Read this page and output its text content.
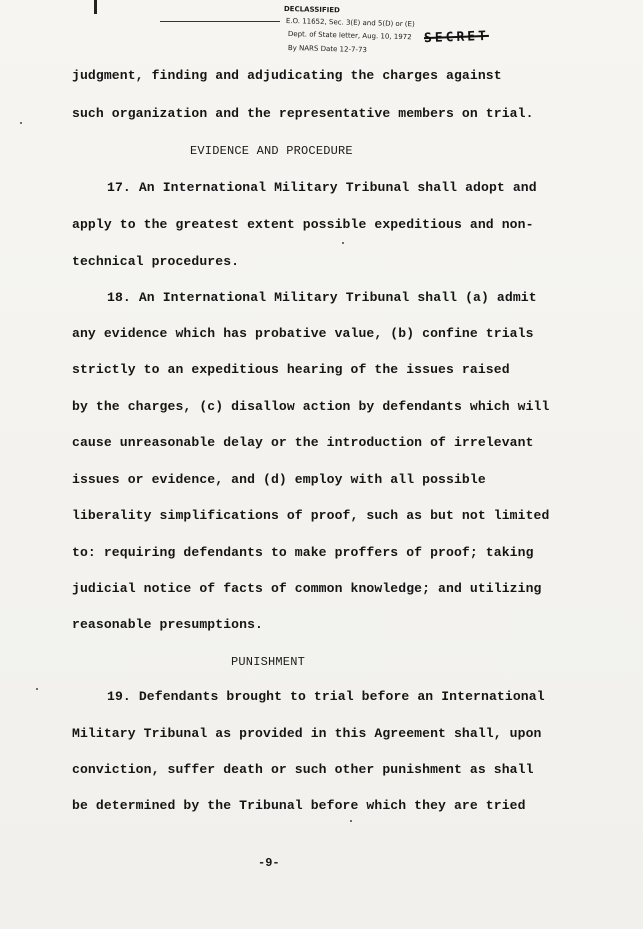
DECLASSIFIED
E.O. 11652, Sec. 3(E) and 5(D) or (E)
Dept. of State letter, Aug. 10, 1972
By NARS Date 12-7-73
SECRET
judgment, finding and adjudicating the charges against
such organization and the representative members on trial.
EVIDENCE AND PROCEDURE
17. An International Military Tribunal shall adopt and
apply to the greatest extent possible expeditious and non-
technical procedures.
18. An International Military Tribunal shall (a) admit
any evidence which has probative value, (b) confine trials
strictly to an expeditious hearing of the issues raised
by the charges, (c) disallow action by defendants which will
cause unreasonable delay or the introduction of irrelevant
issues or evidence, and (d) employ with all possible
liberality simplifications of proof, such as but not limited
to: requiring defendants to make proffers of proof; taking
judicial notice of facts of common knowledge; and utilizing
reasonable presumptions.
PUNISHMENT
19. Defendants brought to trial before an International
Military Tribunal as provided in this Agreement shall, upon
conviction, suffer death or such other punishment as shall
be determined by the Tribunal before which they are tried
-9-
